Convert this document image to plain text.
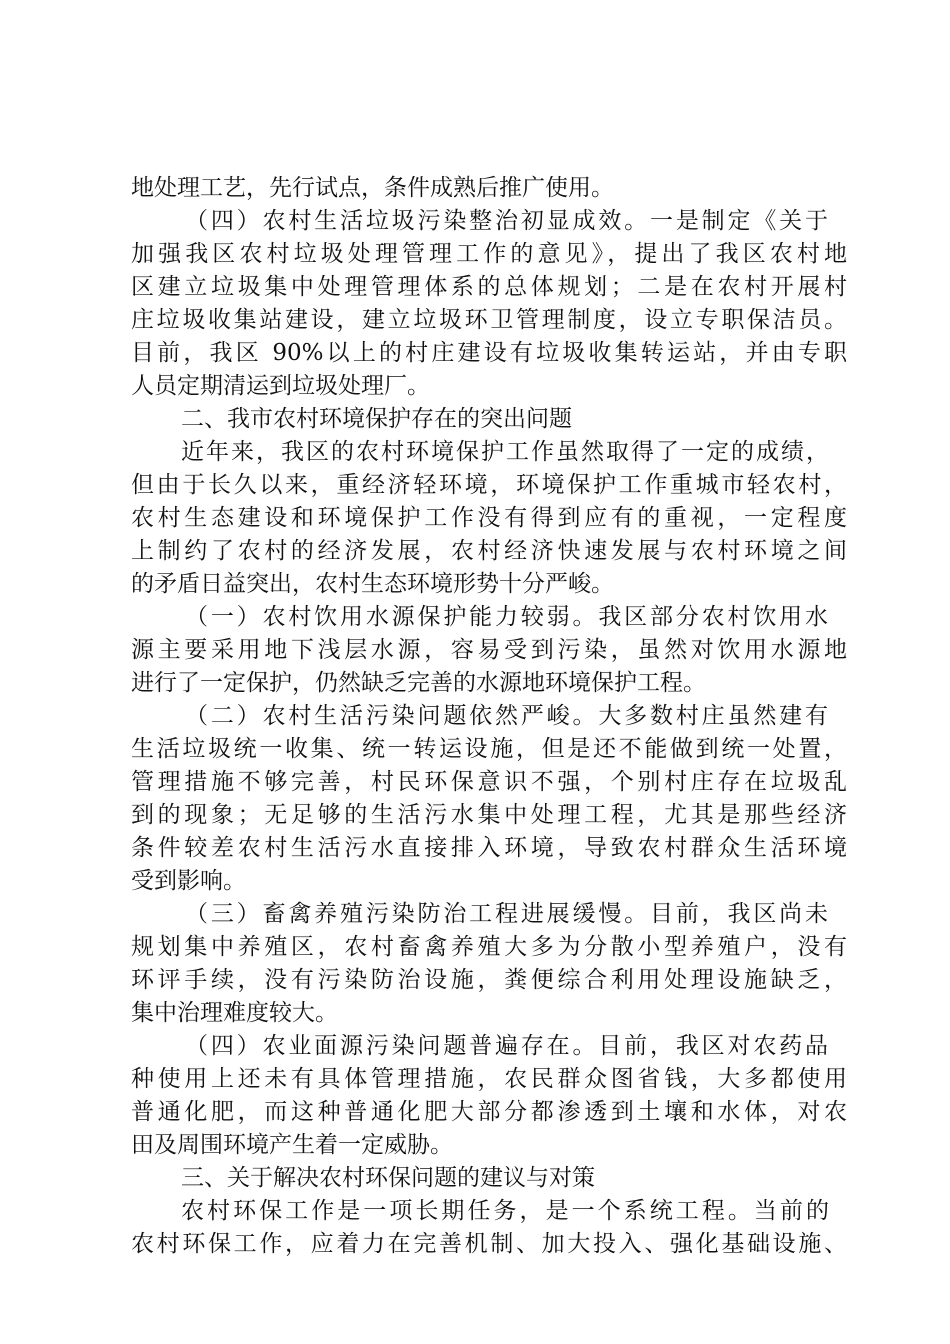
地处理工艺，先行试点，条件成熟后推广使用。
（四）农村生活垃圾污染整治初显成效。一是制定《关于
加强我区农村垃圾处理管理工作的意见》，提出了我区农村地
区建立垃圾集中处理管理体系的总体规划；二是在农村开展村
庄垃圾收集站建设，建立垃圾环卫管理制度，设立专职保洁员。
目前，我区 90%以上的村庄建设有垃圾收集转运站，并由专职
人员定期清运到垃圾处理厂。
二、我市农村环境保护存在的突出问题
近年来，我区的农村环境保护工作虽然取得了一定的成绩，
但由于长久以来，重经济轻环境，环境保护工作重城市轻农村，
农村生态建设和环境保护工作没有得到应有的重视，一定程度
上制约了农村的经济发展，农村经济快速发展与农村环境之间
的矛盾日益突出，农村生态环境形势十分严峻。
（一）农村饮用水源保护能力较弱。我区部分农村饮用水
源主要采用地下浅层水源，容易受到污染，虽然对饮用水源地
进行了一定保护，仍然缺乏完善的水源地环境保护工程。
（二）农村生活污染问题依然严峻。大多数村庄虽然建有
生活垃圾统一收集、统一转运设施，但是还不能做到统一处置，
管理措施不够完善，村民环保意识不强，个别村庄存在垃圾乱
到的现象；无足够的生活污水集中处理工程，尤其是那些经济
条件较差农村生活污水直接排入环境，导致农村群众生活环境
受到影响。
（三）畜禽养殖污染防治工程进展缓慢。目前，我区尚未
规划集中养殖区，农村畜禽养殖大多为分散小型养殖户，没有
环评手续，没有污染防治设施，粪便综合利用处理设施缺乏，
集中治理难度较大。
（四）农业面源污染问题普遍存在。目前，我区对农药品
种使用上还未有具体管理措施，农民群众图省钱，大多都使用
普通化肥，而这种普通化肥大部分都渗透到土壤和水体，对农
田及周围环境产生着一定威胁。
三、关于解决农村环保问题的建议与对策
农村环保工作是一项长期任务，是一个系统工程。当前的
农村环保工作，应着力在完善机制、加大投入、强化基础设施、
